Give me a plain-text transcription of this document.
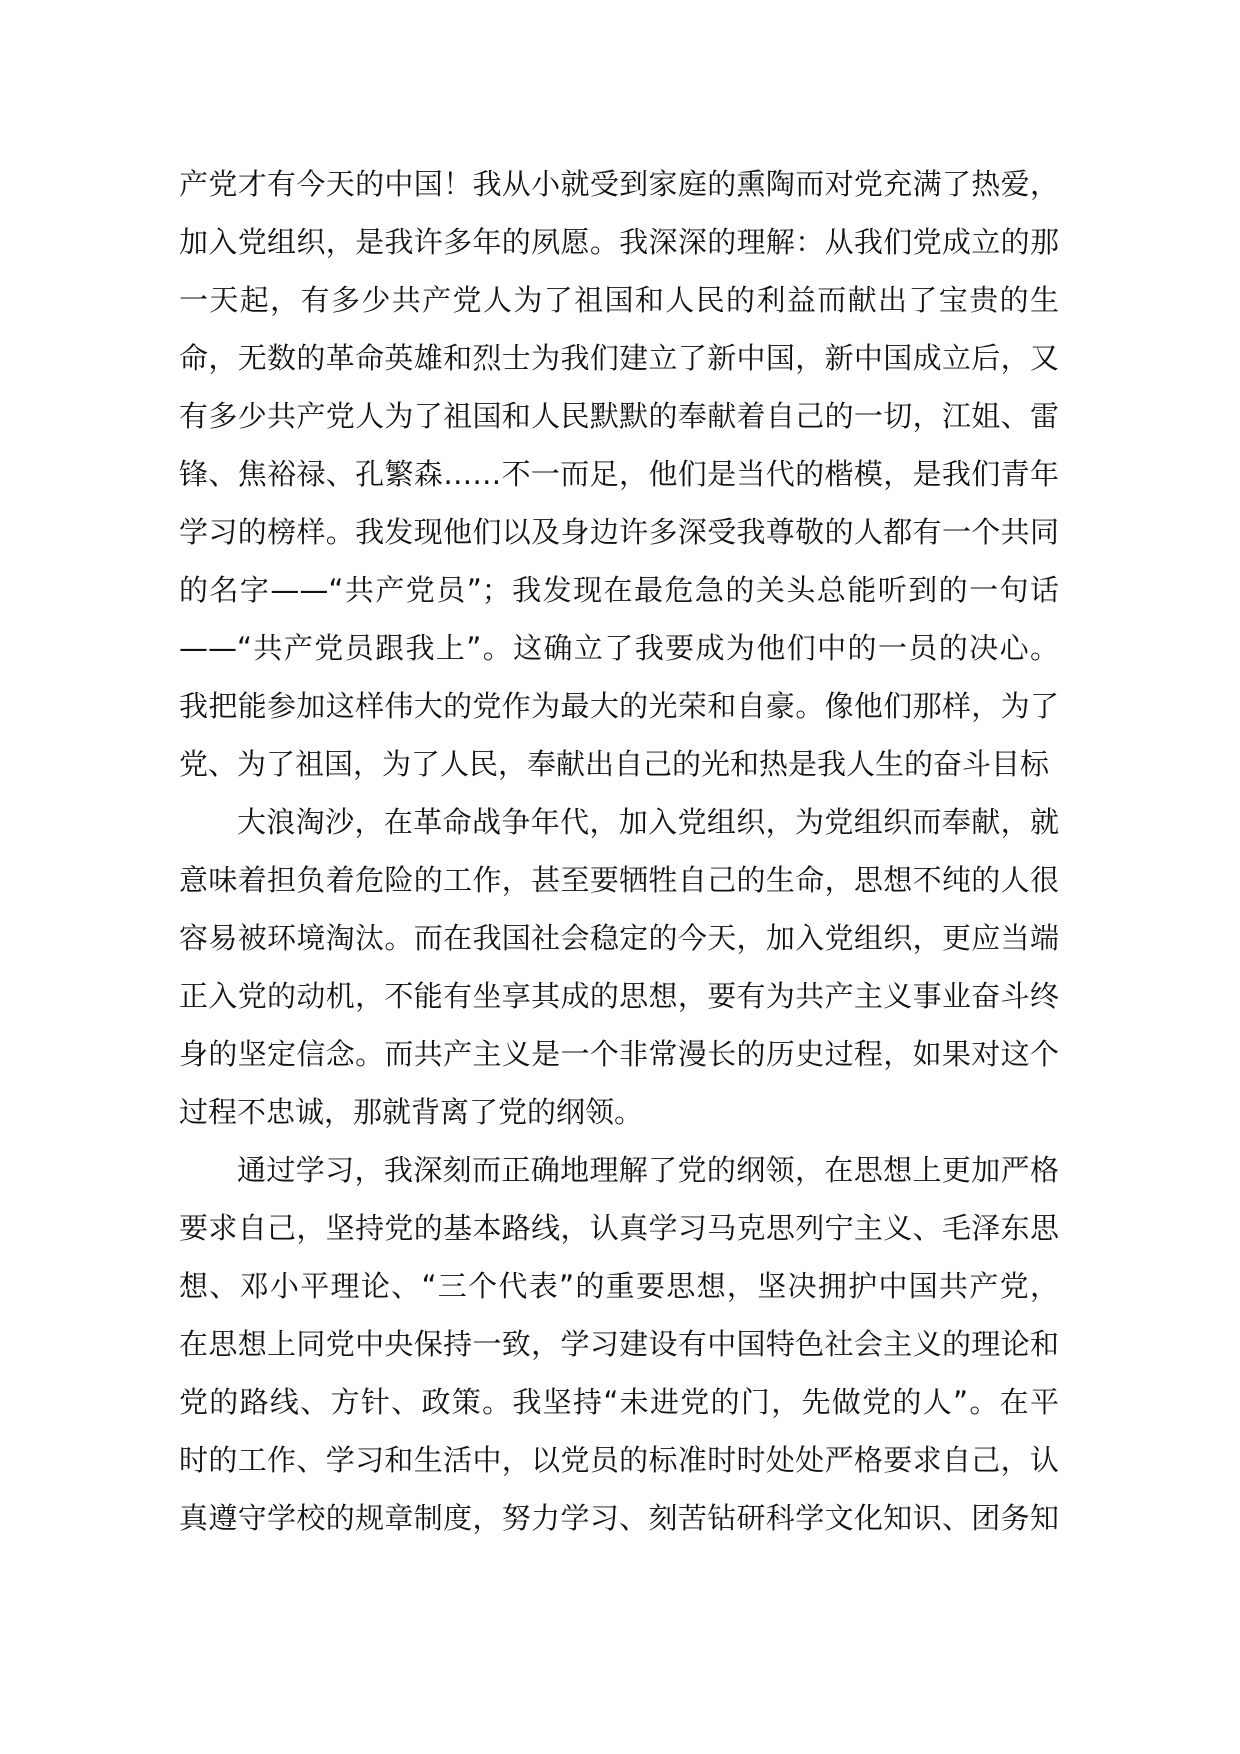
产党才有今天的中国！我从小就受到家庭的熏陶而对党充满了热爱，
加入党组织，是我许多年的夙愿。我深深的理解：从我们党成立的那
一天起，有多少共产党人为了祖国和人民的利益而献出了宝贵的生
命，无数的革命英雄和烈士为我们建立了新中国，新中国成立后，又
有多少共产党人为了祖国和人民默默的奉献着自己的一切，江姐、雷
锋、焦裕禄、孔繁森……不一而足，他们是当代的楷模，是我们青年
学习的榜样。我发现他们以及身边许多深受我尊敬的人都有一个共同
的名字——“共产党员”；我发现在最危急的关头总能听到的一句话
——“共产党员跟我上”。这确立了我要成为他们中的一员的决心。
我把能参加这样伟大的党作为最大的光荣和自豪。像他们那样，为了
党、为了祖国，为了人民，奉献出自己的光和热是我人生的奋斗目标
大浪淘沙，在革命战争年代，加入党组织，为党组织而奉献，就
意味着担负着危险的工作，甚至要牺牲自己的生命，思想不纯的人很
容易被环境淘汰。而在我国社会稳定的今天，加入党组织，更应当端
正入党的动机，不能有坐享其成的思想，要有为共产主义事业奋斗终
身的坚定信念。而共产主义是一个非常漫长的历史过程，如果对这个
过程不忠诚，那就背离了党的纲领。
通过学习，我深刻而正确地理解了党的纲领，在思想上更加严格
要求自己，坚持党的基本路线，认真学习马克思列宁主义、毛泽东思
想、邓小平理论、“三个代表”的重要思想，坚决拥护中国共产党，
在思想上同党中央保持一致，学习建设有中国特色社会主义的理论和
党的路线、方针、政策。我坚持“未进党的门，先做党的人”。在平
时的工作、学习和生活中，以党员的标准时时处处严格要求自己，认
真遵守学校的规章制度，努力学习、刻苦钻研科学文化知识、团务知
